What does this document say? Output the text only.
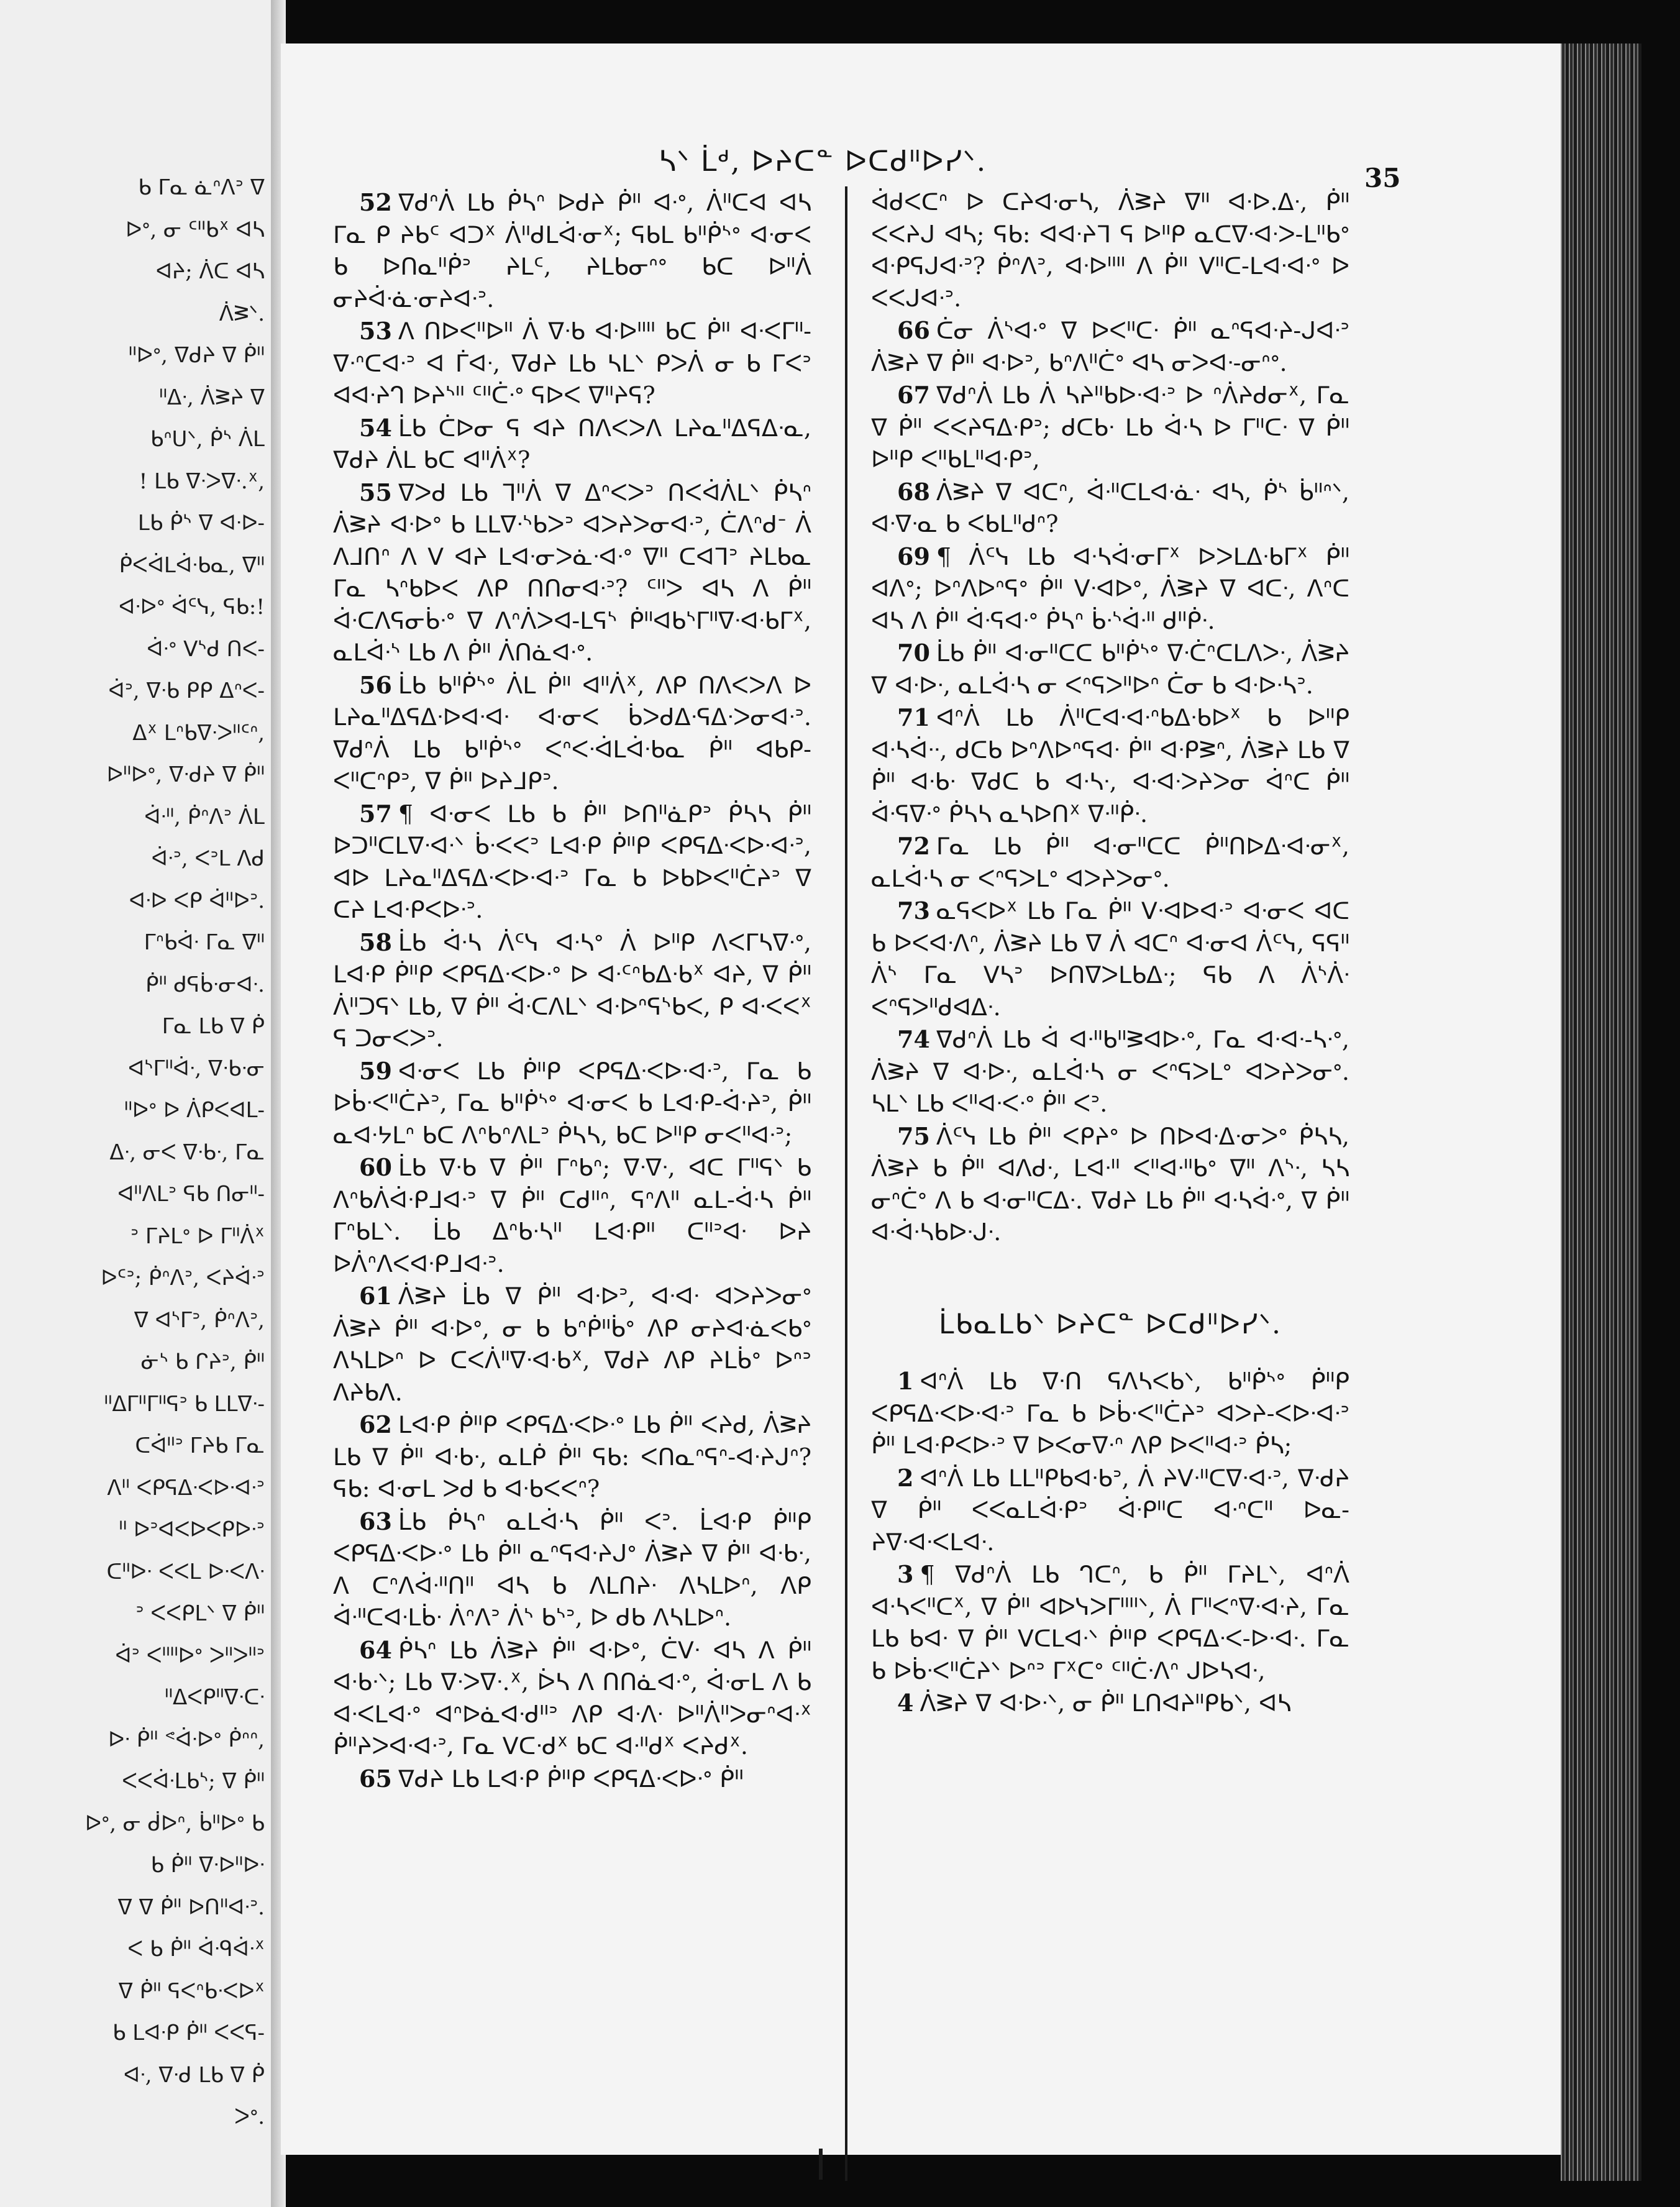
ᑲ ᒥᓇ ᓈᐢᐱᐣ ᐁ
ᐅᐤ, ᓂ ᑦᐦᑲᕽ ᐊᓴ
ᐊᔨ; ᐲᑕ ᐊᓴ
ᐲᕒᐠ.
ᐦᐅᐤ, ᐁᑯᔨ ᐁ ᑮᐦ
ᐦᐃᐧ, ᐲᕒᔨ ᐁ
ᑲᐢᑌᐠ, ᑮᔅ ᐲᒪ
! ᒪᑲ ᐁᐧᐳᐁᐧ.ᕽ,
ᒪᑲ ᑮᔅ ᐁ ᐊᐧᐅ-
ᑮᐸᐋᒪᐋᐧᑲᓇ, ᐁᐦ
ᐊᐧᐅᐤ ᐋᑦᓭ, ᕋᑲ:!
ᐋᐧᐤ ᐯᔅᑯ ᑎᐸ-
ᐋᐣ, ᐁᐧᑲ ᑭᑭ ᐃᐢᐸ-
ᐃᕽ ᒪᐢᑲᐁᐧᐳᐦᑦᐢ,
ᐅᐦᐅᐤ, ᐁᐧᑯᔨ ᐁ ᑮᐦ
ᐋᐧᐦ, ᑮᐢᐱᐣ ᐲᒪ
ᐋᐧᐣ, ᐸᐣᒪ ᐱᑯ
ᐊᐧᐅ ᐸᑭ ᐋᐦᐅᐣ.
ᒥᐢᑲᐋᐧ ᒥᓇ ᐁᐦ
ᑮᐦ ᑯᕋᑳᐧᓂᐊᐧ.
ᒥᓇ ᒪᑲ ᐁ ᑮ
ᐊᔅᒥᐦᐋᐧ, ᐁᐧᑲᐧᓂ
ᐦᐅᐤ ᐅ ᐲᑭᐸᐊᒪ-
ᐃᐧ, ᓂᐸ ᐁᐧᑲᐧ, ᒥᓇ
ᐊᐦᐱᒪᐣ ᕋᑲ ᑎᓂᐦ-
ᐣ ᒥᔨᒪᐤ ᐅ ᒥᐦᐲᕽ
ᐅᑦᐣ; ᑮᐢᐱᐣ, ᐸᔨᐋᐧᐣ
ᐁ ᐊᔅᒥᐣ, ᑮᐢᐱᐣ,
ᓃᔅ ᑲ ᒋᔨᐣ, ᑮᐦ
ᐦᐃᒥᐦᒥᐦᕋᐣ ᑲ ᒪᒪᐁᐧ-
ᑕᐋᐦᐣ ᒥᔨᑲ ᒥᓇ
ᐱᐦ ᐸᑭᕋᐃᐧᐸᐅᐧᐊᐧᐣ
ᐦ ᐅᐣᐊᐸᐅᐸᑭᐅᐧᐣ
ᑕᐦᐅᐧ ᐸᐸᒪ ᐅᐧᐸᐱᐧ
ᐣ ᐸᐸᑭᒪᐠ ᐁ ᑮᐦ
ᐋᐣ ᐸᐦᐦᐅᐤ ᐳᐦᐳᐦᐣ
ᐦᐃᐸᑭᐦᐁᐧᑕᐧ
ᐅᐧ ᑮᐦ ᕝᐋᐧᐅᐤ ᑮᐢᐢ,
ᐸᐸᐋᐧᒪᑲᔅ; ᐁ ᑮᐦ
ᐅᐤ, ᓂ ᑰᐅᐢ, ᑳᐦᐅᐤ ᑲ
ᑲ ᑮᐦ ᐁᐧᐅᐦᐅᐧ
ᐁ ᐁ ᑮᐦ ᐅᑎᐦᐊᐧᐣ.
ᐸ ᑲ ᑮᐦ ᐋᐧᑫᐋᐧᕽ
ᐁ ᑮᐦ ᕋᐸᐢᑲᐧᐸᐅᕽ
ᑲ ᒪᐊᐧᑭ ᑮᐦ ᐸᐸᕋ-
ᐊᐧ, ᐁᐧᑯ ᒪᑲ ᐁ ᑮ
ᐳᐤ.
ᓴᐠ ᒫᒄ, ᐅᔨᑕᓐ ᐅᑕᑯᐦᐅᓯᐠ.
35

52 ᐁᑯᐢᐲ ᒪᑲ ᑮᓴᐢ ᐅᑯᔨ ᑮᐦ ᐊᐧᐤ, ᐲᐦᑕᐊ ᐊᓴ ᒥᓇ ᑭ ᔨᑲᑦ ᐊᑐᕽ ᐲᐦᑯᒪᐋᐧᓂᕽ; ᕋᑲᒪ ᑲᐦᑮᔅᐤ ᐊᐧᓂᐸ ᑲ ᐅᑎᓇᐦᑮᐣ ᔨᒪᑦ, ᔨᒪᑲᓂᐢᐤ ᑲᑕ ᐅᐦᐲ ᓂᔨᐋᐧᓈᐧᓂᔨᐊᐧᐣ.

53 ᐱ ᑎᐅᐸᐦᐅᐦ ᐲ ᐁᐧᑲ ᐊᐧᐅᐦᐦ ᑲᑕ ᑮᐦ ᐊᐧᐸᒥᐦ-ᐁᐧᐢᑕᐊᐧᐣ ᐊ ᒦᐊᐧ, ᐁᑯᔨ ᒪᑲ ᓴᒪᐠ ᑭᐳᐲ ᓂ ᑲ ᒥᐸᐣ ᐊᐊᐧᔨᒉ ᐅᔨᔅᐦ ᑦᐦᑖᐧᐤ ᕋᐅᐸ ᐁᐦᔨᕋ?

54 ᒫᑲ ᑖᐅᓂ ᕋ ᐊᔨ ᑎᐱᐸᐳᐱ ᒪᔨᓇᐦᐃᕋᐃᐧᓇ, ᐁᑯᔨ ᐲᒪ ᑲᑕ ᐊᐦᐲᕽ?

55 ᐁᐳᑯ ᒪᑲ ᒣᐦᐲ ᐁ ᐃᐢᐸᐳᐣ ᑎᐸᐋᐲᒪᐠ ᑮᓴᐢ ᐲᕒᔨ ᐊᐧᐅᐤ ᑲ ᒪᒪᐁᐧᔅᑲᐳᐣ ᐊᐳᔨᐳᓂᐊᐧᐣ, ᑖᐱᐢᑯᐨ ᐲ ᐱᒧᑎᐢ ᐱ ᐯ ᐊᔨ ᒪᐊᐧᓂᐳᓈᐧᐊᐧᐤ ᐁᐦ ᑕᐊᒣᐣ ᔨᒪᑲᓇ ᒥᓇ ᓴᐢᑲᐅᐸ ᐱᑭ ᑎᑎᓂᐊᐧᐣ? ᑦᐦᐳ ᐊᓴ ᐱ ᑮᐦ ᐋᐧᑕᐱᕋᓂᑳᐧᐤ ᐁ ᐱᐢᐲᐳᐊ-ᒪᕋᔅ ᑮᐦᐊᑲᔅᒥᐦᐁᐧᐊᐧᑲᒥᕽ, ᓇᒪᐋᐧᔅ ᒪᑲ ᐱ ᑮᐦ ᐲᑎᓈᐊᐧᐤ.

56 ᒫᑲ ᑲᐦᑮᔅᐤ ᐲᒪ ᑮᐦ ᐊᐦᐲᕽ, ᐱᑭ ᑎᐱᐸᐳᐱ ᐅ ᒪᔨᓇᐦᐃᕋᐃᐧᐅᐊᐧᐊᐧ ᐊᐧᓂᐸ ᑳᐳᑯᐃᐧᕋᐃᐧᐳᓂᐊᐧᐣ. ᐁᑯᐢᐲ ᒪᑲ ᑲᐦᑮᔅᐤ ᐸᐢᐸᐧᐋᒪᐋᐧᑲᓇ ᑮᐦ ᐊᑲᑭ-ᐸᐦᑕᐢᑭᐣ, ᐁ ᑮᐦ ᐅᔨᒧᑭᐣ.

57 ¶ ᐊᐧᓂᐸ ᒪᑲ ᑲ ᑮᐦ ᐅᑎᐦᓈᑭᐣ ᑮᓴᓴ ᑮᐦ ᐅᑐᐦᑕᒪᐁᐧᐊᐧᐠ ᑳᐧᐸᐸᐣ ᒪᐊᐧᑭ ᑮᐦᑭ ᐸᑭᕋᐃᐧᐸᐅᐧᐊᐧᐣ, ᐊᐅ ᒪᔨᓇᐦᐃᕋᐃᐧᐸᐅᐧᐊᐧᐣ ᒥᓇ ᑲ ᐅᑲᐅᐸᐦᑖᔨᐣ ᐁ ᑕᔨ ᒪᐊᐧᑭᐸᐅᐧᐣ.

58 ᒫᑲ ᐋᐧᓴ ᐲᑦᓭ ᐊᐧᓴᐤ ᐲ ᐅᐦᑭ ᐱᐸᒥᓴᐁᐧᐤ, ᒪᐊᐧᑭ ᑮᐦᑭ ᐸᑭᕋᐃᐧᐸᐅᐧᐤ ᐅ ᐊᐧᑦᐢᑲᐃᐧᑲᕽ ᐊᔨ, ᐁ ᑮᐦ ᐲᐦᑐᕋᐠ ᒪᑲ, ᐁ ᑮᐦ ᐋᐧᑕᐱᒪᐠ ᐊᐧᐅᐢᕋᔅᑲᐸ, ᑭ ᐊᐧᐸᐸᕽ ᕋ ᑐᓂᐸᐳᐣ.

59 ᐊᐧᓂᐸ ᒪᑲ ᑮᐦᑭ ᐸᑭᕋᐃᐧᐸᐅᐧᐊᐧᐣ, ᒥᓇ ᑲ ᐅᑳᐧᐸᐦᑖᔨᐣ, ᒥᓇ ᑲᐦᑮᔅᐤ ᐊᐧᓂᐸ ᑲ ᒪᐊᐧᑭ-ᐋᐧᔨᐣ, ᑮᐦ ᓇᐊᐧᔭᒪᐢ ᑲᑕ ᐱᐢᑲᐢᐱᒪᐣ ᑮᓴᓴ, ᑲᑕ ᐅᐦᑭ ᓂᐸᐦᐊᐧᐣ;

60 ᒫᑲ ᐁᐧᑲ ᐁ ᑮᐦ ᒥᐢᑲᐢ; ᐁᐧᐁᐧ, ᐊᑕ ᒥᐦᕋᐠ ᑲ ᐱᐢᑲᐲᐋᐧᑭᒧᐊᐧᐣ ᐁ ᑮᐦ ᑕᑯᐦᐢ, ᕋᐢᐱᐦ ᓇᒪ-ᐋᐧᓴ ᑮᐦ ᒥᐢᑲᒪᐠ. ᒫᑲ ᐃᐢᑲᐧᓴᐦ ᒪᐊᐧᑭᐦ ᑕᐦᐣᐊᐧ ᐅᔨ ᐅᐲᐢᐱᐸᐊᐧᑭᒧᐊᐧᐣ.

61 ᐲᕒᔨ ᒫᑲ ᐁ ᑮᐦ ᐊᐧᐅᐣ, ᐊᐧᐊᐧ ᐊᐳᔨᐳᓂᐤ ᐲᕒᔨ ᑮᐦ ᐊᐧᐅᐤ, ᓂ ᑲ ᑲᐢᑮᐦᑳᐤ ᐱᑭ ᓂᔨᐊᐧᓈᐸᑲᐤ ᐱᓴᒪᐅᐢ ᐅ ᑕᐸᐲᐦᐁᐧᐊᐧᑲᕽ, ᐁᑯᔨ ᐱᑭ ᔨᒪᑳᐤ ᐅᐢᐣ ᐱᔨᑲᐱ.

62 ᒪᐊᐧᑭ ᑮᐦᑭ ᐸᑭᕋᐃᐧᐸᐅᐧᐤ ᒪᑲ ᑮᐦ ᐸᔨᑯ, ᐲᕒᔨ ᒪᑲ ᐁ ᑮᐦ ᐊᐧᑲᐧ, ᓇᒪᑮ ᑮᐦ ᕋᑲ: ᐸᑎᓇᐢᕋᐢ-ᐊᐧᔨᒍᐢ? ᕋᑲ: ᐊᐧᓂᒪ ᐳᑯ ᑲ ᐊᐧᑲᐸᐸᐢ?

63 ᒫᑲ ᑮᓴᐢ ᓇᒪᐋᐧᓴ ᑮᐦ ᐸᐣ. ᒫᐊᐧᑭ ᑮᐦᑭ ᐸᑭᕋᐃᐧᐸᐅᐧᐤ ᒪᑲ ᑮᐦ ᓇᐢᕋᐊᐧᔨᒍᐤ ᐲᕒᔨ ᐁ ᑮᐦ ᐊᐧᑲᐧ, ᐱ ᑕᐢᐱᐋᐧᐦᑎᐦ ᐊᓴ ᑲ ᐱᒪᑎᔨᐧ ᐱᓴᒪᐅᐢ, ᐱᑭ ᐋᐧᐦᑕᐊᐧᒪᑳᐧ ᐲᐢᐱᐣ ᐲᔅ ᑲᔅᐣ, ᐅ ᑯᑲ ᐱᓴᒪᐅᐢ.

64 ᑮᓴᐢ ᒪᑲ ᐲᕒᔨ ᑮᐦ ᐊᐧᐅᐤ, ᑖᐯᐧ ᐊᓴ ᐱ ᑮᐦ ᐊᐧᑲᐧᐠ; ᒪᑲ ᐁᐧᐳᐁᐧ.ᕽ, ᐆᓴ ᐱ ᑎᑎᓈᐊᐧᐤ, ᐋᐧᓂᒪ ᐱ ᑲ ᐊᐧᐸᒪᐊᐧᐤ ᐊᐢᐅᓈᐊᐧᑯᐦᐣ ᐱᑭ ᐊᐧᐱᐧ ᐅᐦᐲᐦᐳᓂᐢᐊᐧᕽ ᑮᐦᔨᐳᐊᐧᐊᐧᐣ, ᒥᓇ ᐯᑕᐧᑯᕽ ᑲᑕ ᐊᐧᐦᑯᕽ ᐸᔨᑯᕽ.

65 ᐁᑯᔨ ᒪᑲ ᒪᐊᐧᑭ ᑮᐦᑭ ᐸᑭᕋᐃᐧᐸᐅᐧᐤ ᑮᐦ

ᐋᑯᐸᑕᐢ ᐅ ᑕᔨᐊᐧᓂᓴ, ᐲᕒᔨ ᐁᐦ ᐊᐧᐅ.ᐃᐧ, ᑮᐦ ᐸᐸᔨᒍ ᐊᓴ; ᕋᑲ: ᐊᐊᐧᔨᒣ ᕋ ᐅᐦᑭ ᓇᑕᐁᐧᐊᐧᐳ-ᒪᐦᑲᐤ ᐊᐧᑭᕋᒍᐊᐧᐣ? ᑮᐢᐱᐣ, ᐊᐧᐅᐦᐦ ᐱ ᑮᐦ ᐯᐦᑕ-ᒪᐊᐧᐊᐧᐤ ᐅ ᐸᐸᒍᐊᐧᐣ.

66 ᑖᓂ ᐲᔅᐊᐧᐤ ᐁ ᐅᐸᐦᑕᐧ ᑮᐦ ᓇᐢᕋᐊᐧᔨ-ᒍᐊᐧᐣ ᐲᕒᔨ ᐁ ᑮᐦ ᐊᐧᐅᐣ, ᑲᐢᐱᐦᑖᐤ ᐊᓴ ᓂᐳᐊᐧ-ᓂᐢᐤ.

67 ᐁᑯᐢᐲ ᒪᑲ ᐲ ᓴᔨᐦᑲᐅᐧᐊᐧᐣ ᐅ ᐢᐲᔨᑯᓂᕽ, ᒥᓇ ᐁ ᑮᐦ ᐸᐸᔨᕋᐃᐧᑭᐣ; ᑯᑕᑲᐧ ᒪᑲ ᐋᐧᓴ ᐅ ᒥᐦᑕᐧ ᐁ ᑮᐦ ᐅᐦᑭ ᐸᐦᑲᒪᐦᐊᐧᑭᐣ,

68 ᐲᕒᔨ ᐁ ᐊᑕᐢ, ᐋᐧᐦᑕᒪᐊᐧᓈᐧ ᐊᓴ, ᑮᔅ ᑳᐦᐢᐠ, ᐊᐧᐁᐧᓇ ᑲ ᐸᑲᒪᐦᑯᐢ?

69 ¶ ᐲᑦᓭ ᒪᑲ ᐊᐧᓴᐋᐧᓂᒥᕽ ᐅᐳᒪᐃᐧᑲᒥᕽ ᑮᐦ ᐊᐱᐤ; ᐅᐢᐱᐅᐢᕋᐤ ᑮᐦ ᐯᐧᐊᐅᐤ, ᐲᕒᔨ ᐁ ᐊᑕᐧ, ᐱᐢᑕ ᐊᓴ ᐱ ᑮᐦ ᐋᐧᕋᐊᐧᐤ ᑮᓴᐢ ᑳᐧᔅᐋᐧᐦ ᑯᐦᑮᐧ.

70 ᒫᑲ ᑮᐦ ᐊᐧᓂᐦᑕᑕ ᑲᐦᑮᔅᐤ ᐁᐧᑖᐢᑕᒪᐱᐳᐧ, ᐲᕒᔨ ᐁ ᐊᐧᐅᐧ, ᓇᒪᐋᐧᓴ ᓂ ᐸᐢᕋᐳᐦᐅᐢ ᑖᓂ ᑲ ᐊᐧᐅᐧᓴᐣ.

71 ᐊᐢᐲ ᒪᑲ ᐲᐦᑕᐊᐧᐊᐧᐢᑲᐃᐧᑲᐅᕽ ᑲ ᐅᐦᑭ ᐊᐧᓴᐋᐧᐧ, ᑯᑕᑲ ᐅᐢᐱᐅᐢᕋᐊᐧ ᑮᐦ ᐊᐧᑭᕒᐢ, ᐲᕒᔨ ᒪᑲ ᐁ ᑮᐦ ᐊᐧᑲᐧ ᐁᑯᑕ ᑲ ᐊᐧᓴᐧ, ᐊᐧᐊᐧᐳᔨᐳᓂ ᐋᐢᑕ ᑮᐦ ᐋᐧᕋᐁᐧᐤ ᑮᓴᓴ ᓇᓴᐅᑎᕽ ᐁᐧᐦᑮᐧ.

72 ᒥᓇ ᒪᑲ ᑮᐦ ᐊᐧᓂᐦᑕᑕ ᑮᐦᑎᐅᐃᐧᐊᐧᓂᕽ, ᓇᒪᐋᐧᓴ ᓂ ᐸᐢᕋᐳᒪᐤ ᐊᐳᔨᐳᓂᐤ.

73 ᓇᕋᐸᐅᕽ ᒪᑲ ᒥᓇ ᑮᐦ ᐯᐧᐊᐅᐊᐧᐣ ᐊᐧᓂᐸ ᐊᑕ ᑲ ᐅᐸᐊᐧᐱᐢ, ᐲᕒᔨ ᒪᑲ ᐁ ᐲ ᐊᑕᐢ ᐊᐧᓂᐊ ᐲᑦᓭ, ᕋᕋᐦ ᐲᔅ ᒥᓇ ᐯᓴᐣ ᐅᑎᐁᐳᒪᑲᐃᐧ; ᕋᑲ ᐱ ᐲᔅᐲᐧ ᐸᐢᕋᐳᐦᑯᐊᐃᐧ.

74 ᐁᑯᐢᐲ ᒪᑲ ᐋ ᐊᐧᐦᑲᐦᕒᐊᐅᐧᐤ, ᒥᓇ ᐊᐧᐊᐧ-ᓴᐧᐤ, ᐲᕒᔨ ᐁ ᐊᐧᐅᐧ, ᓇᒪᐋᐧᓴ ᓂ ᐸᐢᕋᐳᒪᐤ ᐊᐳᔨᐳᓂᐤ. ᓴᒪᐠ ᒪᑲ ᐸᐦᐊᐧᐸᐧᐤ ᑮᐦ ᐸᐣ.

75 ᐲᑦᓭ ᒪᑲ ᑮᐦ ᐸᑭᔨᐤ ᐅ ᑎᐅᐊᐧᐃᐧᓂᐳᐤ ᑮᓴᓴ, ᐲᕒᔨ ᑲ ᑮᐦ ᐊᐱᑯᐧ, ᒪᐊᐧᐦ ᐸᐦᐊᐧᐦᑲᐤ ᐁᐦ ᐱᔅᐧ, ᓴᓴ ᓂᐢᑖᐤ ᐱ ᑲ ᐊᐧᓂᐦᑕᐃᐧ. ᐁᑯᔨ ᒪᑲ ᑮᐦ ᐊᐧᓴᐋᐧᐤ, ᐁ ᑮᐦ ᐊᐧᐋᐧᓴᑲᐅᐧᒍᐧ.

ᒫᑲᓇᒪᑲᐠ ᐅᔨᑕᓐ ᐅᑕᑯᐦᐅᓯᐠ.

1 ᐊᐢᐲ ᒪᑲ ᐁᐧᑎ ᕋᐱᓴᐸᑲᐠ, ᑲᐦᑮᔅᐤ ᑮᐦᑭ ᐸᑭᕋᐃᐧᐸᐅᐧᐊᐧᐣ ᒥᓇ ᑲ ᐅᑳᐧᐸᐦᑖᔨᐣ ᐊᐳᔨ-ᐸᐅᐧᐊᐧᐣ ᑮᐦ ᒪᐊᐧᑭᐸᐅᐧᐣ ᐁ ᐅᐸᓂᐁᐧᐢ ᐱᑭ ᐅᐸᐦᐊᐧᐣ ᑮᓴ;

2 ᐊᐢᐲ ᒪᑲ ᒪᒪᐦᑭᑲᐊᐧᑲᐣ, ᐲ ᔨᐯᐧᐦᑕᐁᐧᐊᐧᐣ, ᐁᐧᑯᔨ ᐁ ᑮᐦ ᐸᐸᓇᒪᐋᐧᑭᐣ ᐋᐧᑭᐦᑕ ᐊᐧᐢᑕᐦ ᐅᓇ-ᔨᐁᐧᐊᐧᐸᒪᐊᐧ.

3 ¶ ᐁᑯᐢᐲ ᒪᑲ ᒉᑕᐢ, ᑲ ᑮᐦ ᒥᔨᒪᐠ, ᐊᐢᐲ ᐊᐧᓴᐸᐦᑕᕽ, ᐁ ᑮᐦ ᐊᐅᓭᐳᒥᐦᐦᐠ, ᐲ ᒥᐦᐸᐢᐁᐧᐊᐧᔨ, ᒥᓇ ᒪᑲ ᑲᐊᐧ ᐁ ᑮᐦ ᐯᑕᒪᐊᐧᐠ ᑮᐦᑭ ᐸᑭᕋᐃᐧᐸ-ᐅᐧᐊᐧ. ᒥᓇ ᑲ ᐅᑳᐧᐸᐦᑖᔨᐠ ᐅᐢᐣ ᒥᕽᑕᐤ ᑦᐦᑖᐧᐱᐢ ᒍᐅᓴᐊᐧ,

4 ᐲᕒᔨ ᐁ ᐊᐧᐅᐧᐠ, ᓂ ᑮᐦ ᒪᑎᐊᔨᐦᑭᑲᐠ, ᐊᓴ
